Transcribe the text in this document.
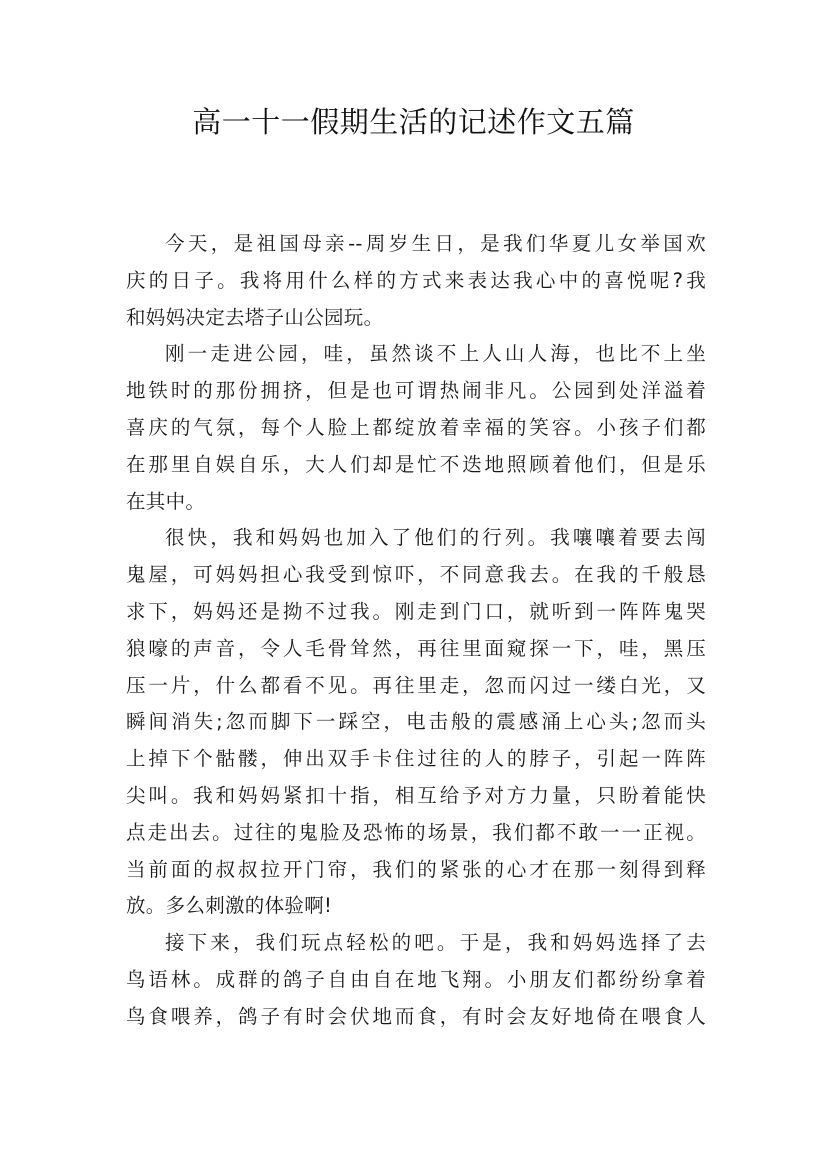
高一十一假期生活的记述作文五篇
今天，是祖国母亲--周岁生日，是我们华夏儿女举国欢
庆的日子。我将用什么样的方式来表达我心中的喜悦呢?我
和妈妈决定去塔子山公园玩。
刚一走进公园，哇，虽然谈不上人山人海，也比不上坐
地铁时的那份拥挤，但是也可谓热闹非凡。公园到处洋溢着
喜庆的气氛，每个人脸上都绽放着幸福的笑容。小孩子们都
在那里自娱自乐，大人们却是忙不迭地照顾着他们，但是乐
在其中。
很快，我和妈妈也加入了他们的行列。我嚷嚷着要去闯
鬼屋，可妈妈担心我受到惊吓，不同意我去。在我的千般恳
求下，妈妈还是拗不过我。刚走到门口，就听到一阵阵鬼哭
狼嚎的声音，令人毛骨耸然，再往里面窥探一下，哇，黑压
压一片，什么都看不见。再往里走，忽而闪过一缕白光，又
瞬间消失;忽而脚下一踩空，电击般的震感涌上心头;忽而头
上掉下个骷髅，伸出双手卡住过往的人的脖子，引起一阵阵
尖叫。我和妈妈紧扣十指，相互给予对方力量，只盼着能快
点走出去。过往的鬼脸及恐怖的场景，我们都不敢一一正视。
当前面的叔叔拉开门帘，我们的紧张的心才在那一刻得到释
放。多么刺激的体验啊!
接下来，我们玩点轻松的吧。于是，我和妈妈选择了去
鸟语林。成群的鸽子自由自在地飞翔。小朋友们都纷纷拿着
鸟食喂养，鸽子有时会伏地而食，有时会友好地倚在喂食人
